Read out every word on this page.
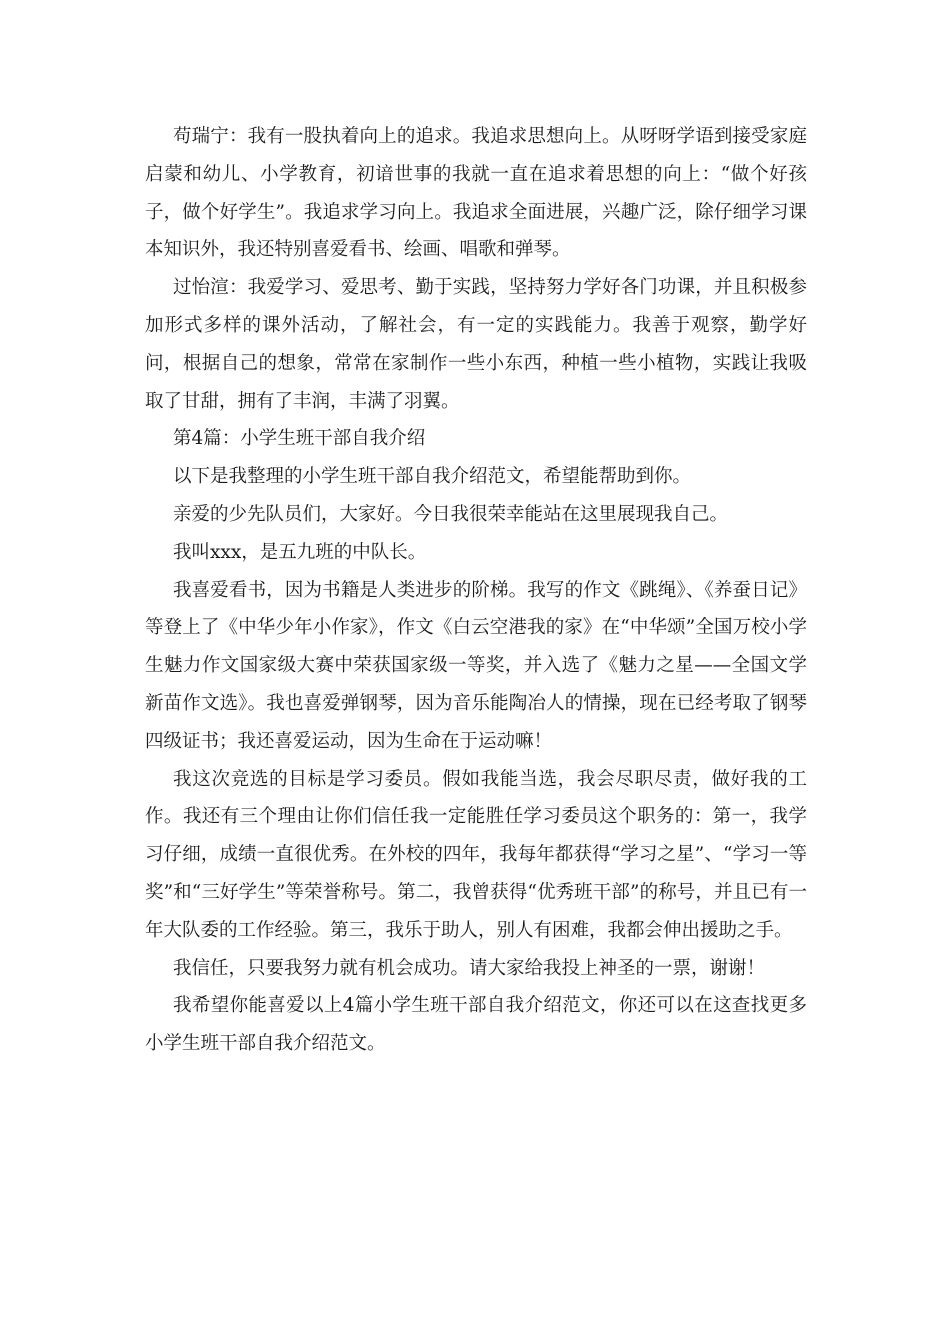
苟瑞宁：我有一股执着向上的追求。我追求思想向上。从呀呀学语到接受家庭启蒙和幼儿、小学教育，初谙世事的我就一直在追求着思想的向上：“做个好孩子，做个好学生”。我追求学习向上。我追求全面进展，兴趣广泛，除仔细学习课本知识外，我还特别喜爱看书、绘画、唱歌和弹琴。

过怡渲：我爱学习、爱思考、勤于实践，坚持努力学好各门功课，并且积极参加形式多样的课外活动，了解社会，有一定的实践能力。我善于观察，勤学好问，根据自己的想象，常常在家制作一些小东西，种植一些小植物，实践让我吸取了甘甜，拥有了丰润，丰满了羽翼。

第4篇：小学生班干部自我介绍

以下是我整理的小学生班干部自我介绍范文，希望能帮助到你。

亲爱的少先队员们，大家好。今日我很荣幸能站在这里展现我自己。

我叫xxx，是五九班的中队长。

我喜爱看书，因为书籍是人类进步的阶梯。我写的作文《跳绳》、《养蚕日记》等登上了《中华少年小作家》，作文《白云空港我的家》在“中华颂”全国万校小学生魅力作文国家级大赛中荣获国家级一等奖，并入选了《魅力之星——全国文学新苗作文选》。我也喜爱弹钢琴，因为音乐能陶冶人的情操，现在已经考取了钢琴四级证书；我还喜爱运动，因为生命在于运动嘛！

我这次竞选的目标是学习委员。假如我能当选，我会尽职尽责，做好我的工作。我还有三个理由让你们信任我一定能胜任学习委员这个职务的：第一，我学习仔细，成绩一直很优秀。在外校的四年，我每年都获得“学习之星”、“学习一等奖”和“三好学生”等荣誉称号。第二，我曾获得“优秀班干部”的称号，并且已有一年大队委的工作经验。第三，我乐于助人，别人有困难，我都会伸出援助之手。

我信任，只要我努力就有机会成功。请大家给我投上神圣的一票，谢谢！

我希望你能喜爱以上4篇小学生班干部自我介绍范文，你还可以在这查找更多小学生班干部自我介绍范文。
